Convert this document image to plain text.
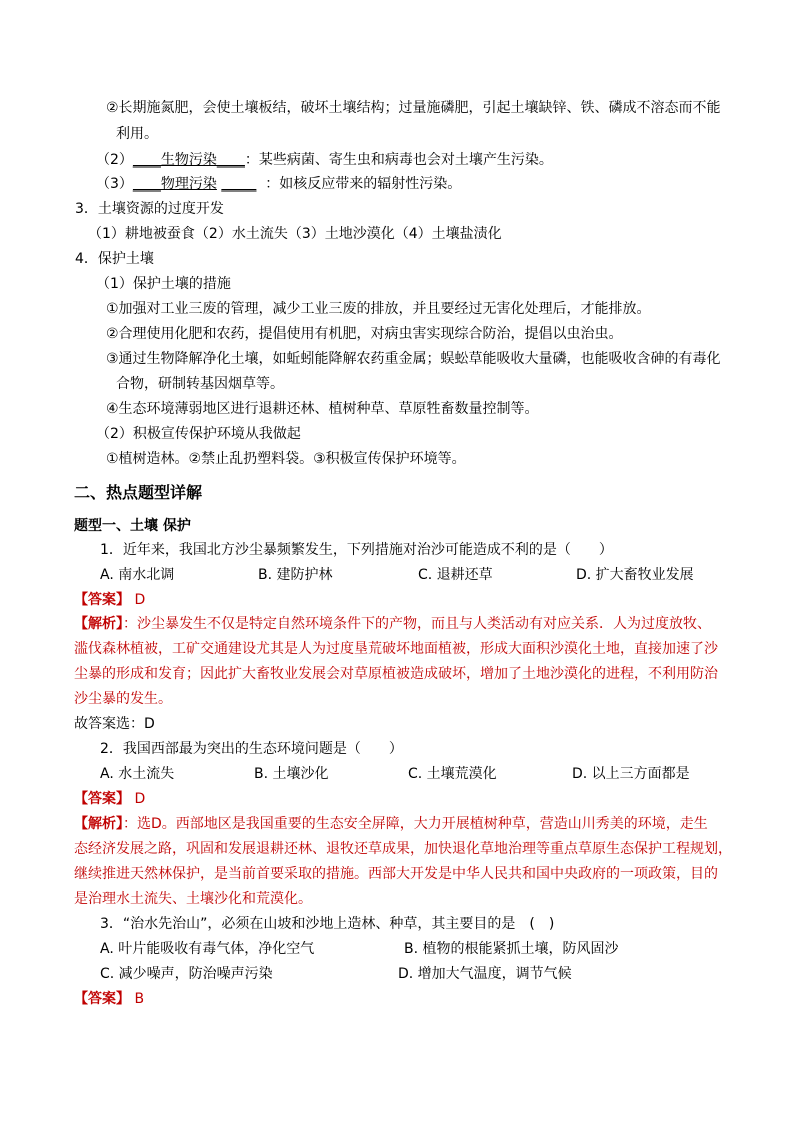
②长期施氮肥，会使土壤板结，破坏土壤结构；过量施磷肥，引起土壤缺锌、铁、磷成不溶态而不能
利用。
（2）____生物污染____：某些病菌、寄生虫和病毒也会对土壤产生污染。
（3）____物理污染 _____ ：如核反应带来的辐射性污染。
3．土壤资源的过度开发
（1）耕地被蚕食（2）水土流失（3）土地沙漠化（4）土壤盐渍化
4．保护土壤
（1）保护土壤的措施
①加强对工业三废的管理，减少工业三废的排放，并且要经过无害化处理后，才能排放。
②合理使用化肥和农药，提倡使用有机肥，对病虫害实现综合防治，提倡以虫治虫。
③通过生物降解净化土壤，如蚯蚓能降解农药重金属；蜈蚣草能吸收大量磷，也能吸收含砷的有毒化
合物，研制转基因烟草等。
④生态环境薄弱地区进行退耕还林、植树种草、草原牲畜数量控制等。
（2）积极宣传保护环境从我做起
①植树造林。②禁止乱扔塑料袋。③积极宣传保护环境等。
二、热点题型详解
题型一、土壤 保护
1．近年来，我国北方沙尘暴频繁发生，下列措施对治沙可能造成不利的是（　　）
A. 南水北调	B. 建防护林	C. 退耕还草	D. 扩大畜牧业发展
【答案】 D
【解析】：沙尘暴发生不仅是特定自然环境条件下的产物，而且与人类活动有对应关系．人为过度放牧、
滥伐森林植被，工矿交通建设尤其是人为过度垦荒破坏地面植被，形成大面积沙漠化土地，直接加速了沙
尘暴的形成和发育；因此扩大畜牧业发展会对草原植被造成破坏，增加了土地沙漠化的进程，不利用防治
沙尘暴的发生。
故答案选：D
2．我国西部最为突出的生态环境问题是（　　）
A. 水土流失	B. 土壤沙化	C. 土壤荒漠化	D. 以上三方面都是
【答案】 D
【解析】：选D。西部地区是我国重要的生态安全屏障，大力开展植树种草，营造山川秀美的环境，走生
态经济发展之路，巩固和发展退耕还林、退牧还草成果，加快退化草地治理等重点草原生态保护工程规划，
继续推进天然林保护，是当前首要采取的措施。西部大开发是中华人民共和国中央政府的一项政策，目的
是治理水土流失、土壤沙化和荒漠化。
3．“治水先治山”，必须在山坡和沙地上造林、种草，其主要目的是　(　)
A. 叶片能吸收有毒气体，净化空气	B. 植物的根能紧抓土壤，防风固沙
C. 减少噪声，防治噪声污染	D. 增加大气温度，调节气候
【答案】 B
